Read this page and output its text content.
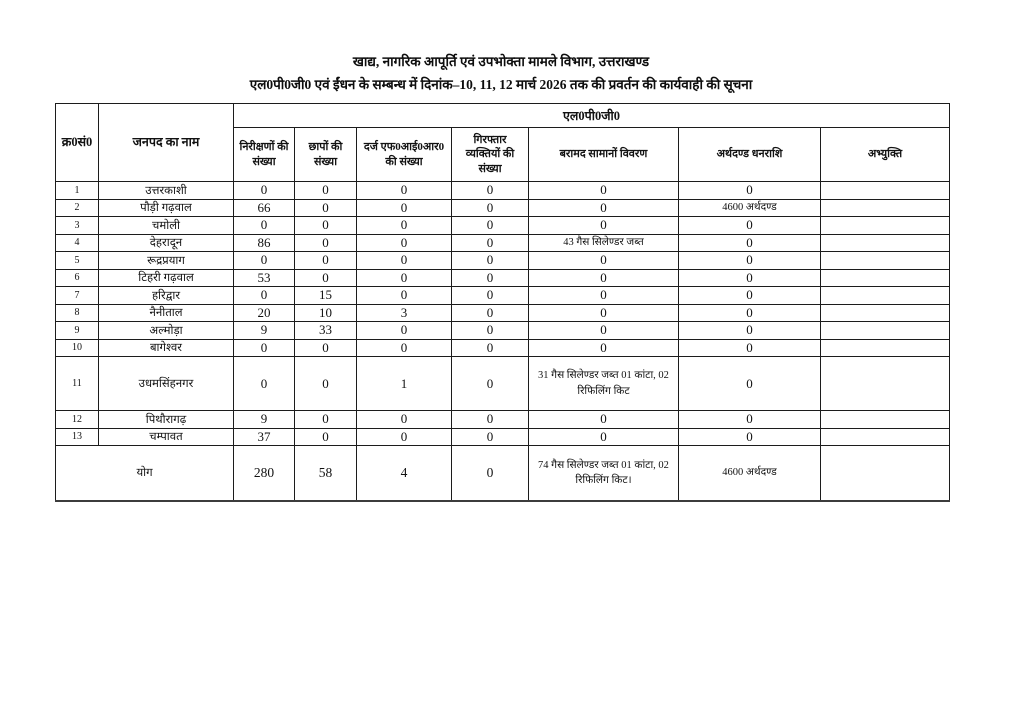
खाद्य, नागरिक आपूर्ति एवं उपभोक्ता मामले विभाग, उत्तराखण्ड
एल0पी0जी0 एवं ईंधन के सम्बन्ध में दिनांक–10, 11, 12 मार्च 2026 तक की प्रवर्तन की कार्यवाही की सूचना
क्र0सं0	जनपद का नाम	एल0पी0जी0						
		निरीक्षणों की संख्या	छापों की संख्या	दर्ज एफ0आई0आर0 की संख्या	गिरफ्तार व्यक्तियों की संख्या	बरामद सामानों विवरण	अर्थदण्ड धनराशि	अभ्युक्ति
1	उत्तरकाशी	0	0	0	0	0	0	
2	पौड़ी गढ़वाल	66	0	0	0	0	4600 अर्थदण्ड	
3	चमोली	0	0	0	0	0	0	
4	देहरादून	86	0	0	0	43 गैस सिलेण्डर जब्त	0	
5	रूद्रप्रयाग	0	0	0	0	0	0	
6	टिहरी गढ़वाल	53	0	0	0	0	0	
7	हरिद्वार	0	15	0	0	0	0	
8	नैनीताल	20	10	3	0	0	0	
9	अल्मोड़ा	9	33	0	0	0	0	
10	बागेश्वर	0	0	0	0	0	0	
11	उधमसिंहनगर	0	0	1	0	31 गैस सिलेण्डर जब्त 01 कांटा, 02 रिफिलिंग किट	0	
12	पिथौरागढ़	9	0	0	0	0	0	
13	चम्पावत	37	0	0	0	0	0	
योग		280	58	4	0	74 गैस सिलेण्डर जब्त 01 कांटा, 02 रिफिलिंग किट।	4600 अर्थदण्ड	
